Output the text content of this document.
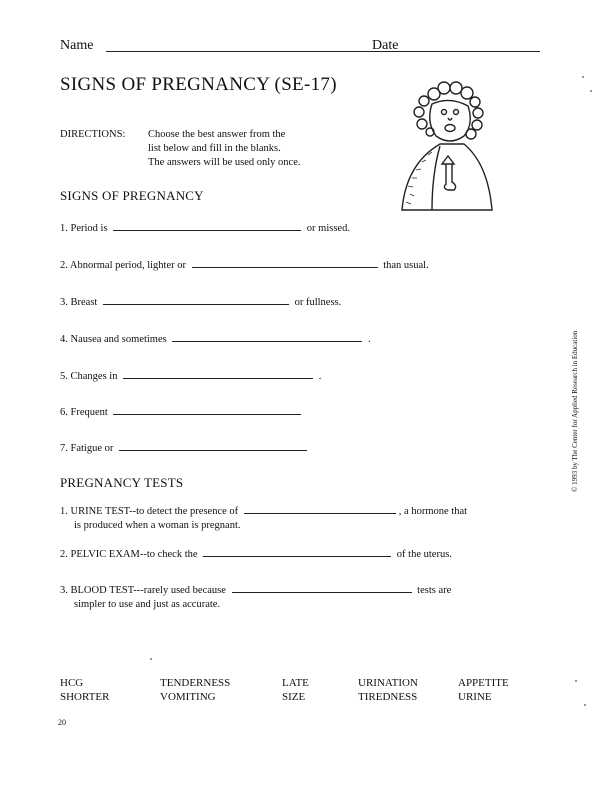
Name	Date
SIGNS OF PREGNANCY (SE-17)
DIRECTIONS: Choose the best answer from the
list below and fill in the blanks.
The answers will be used only once.
SIGNS OF PREGNANCY
1. Period is	or missed.
2. Abnormal period, lighter or	than usual.
3. Breast	or fullness.
4. Nausea and sometimes	.
5. Changes in	.
6. Frequent
7. Fatigue or
PREGNANCY TESTS
1. URINE TEST--to detect the presence of	, a hormone that
is produced when a woman is pregnant.
2. PELVIC EXAM--to check the	of the uterus.
3. BLOOD TEST---rarely used because	tests are
simpler to use and just as accurate.
HCG	TENDERNESS	LATE	URINATION	APPETITE
SHORTER	VOMITING	SIZE	TIREDNESS	URINE
20
© 1993 by The Center for Applied Research in Education
